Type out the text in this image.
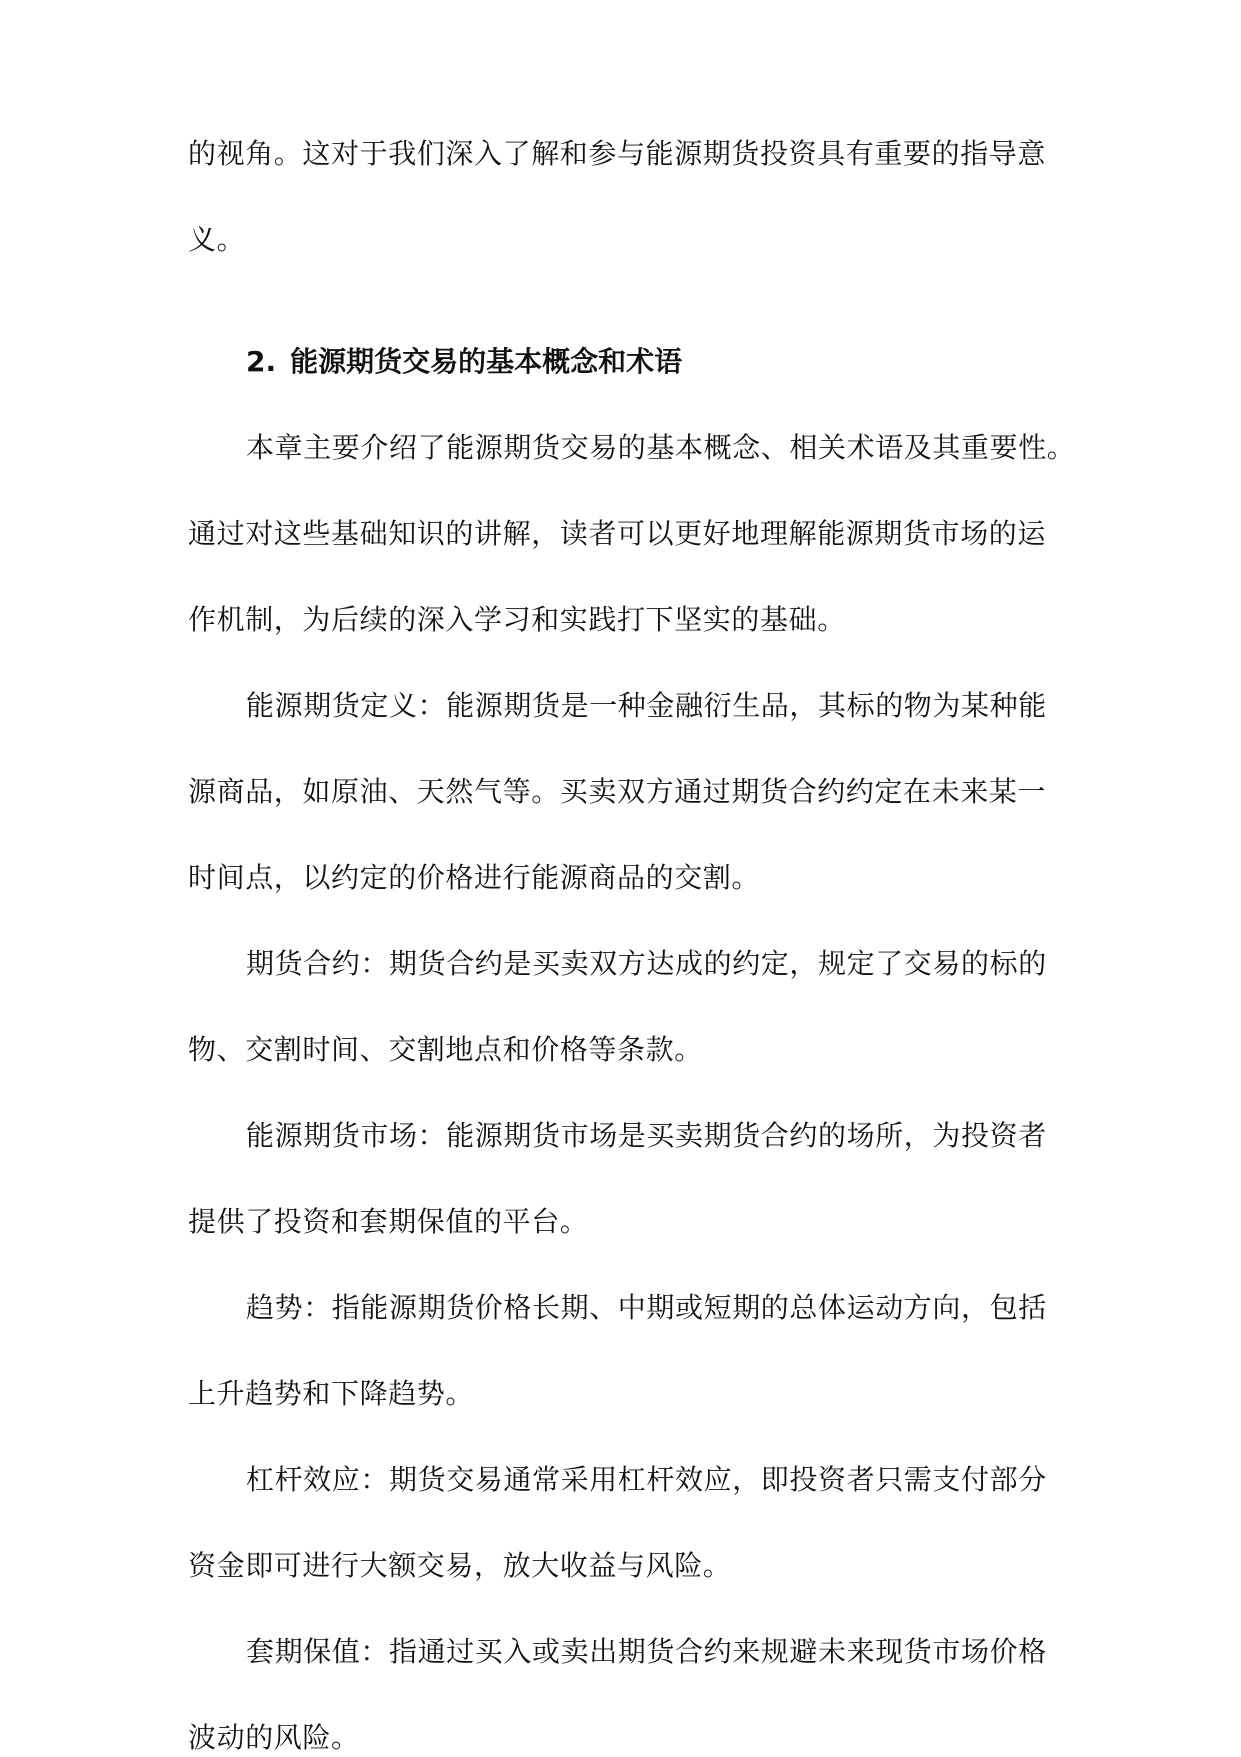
的视角。这对于我们深入了解和参与能源期货投资具有重要的指导意
义。
2. 能源期货交易的基本概念和术语
本章主要介绍了能源期货交易的基本概念、相关术语及其重要性。
通过对这些基础知识的讲解，读者可以更好地理解能源期货市场的运
作机制，为后续的深入学习和实践打下坚实的基础。
能源期货定义：能源期货是一种金融衍生品，其标的物为某种能
源商品，如原油、天然气等。买卖双方通过期货合约约定在未来某一
时间点，以约定的价格进行能源商品的交割。
期货合约：期货合约是买卖双方达成的约定，规定了交易的标的
物、交割时间、交割地点和价格等条款。
能源期货市场：能源期货市场是买卖期货合约的场所，为投资者
提供了投资和套期保值的平台。
趋势：指能源期货价格长期、中期或短期的总体运动方向，包括
上升趋势和下降趋势。
杠杆效应：期货交易通常采用杠杆效应，即投资者只需支付部分
资金即可进行大额交易，放大收益与风险。
套期保值：指通过买入或卖出期货合约来规避未来现货市场价格
波动的风险。
